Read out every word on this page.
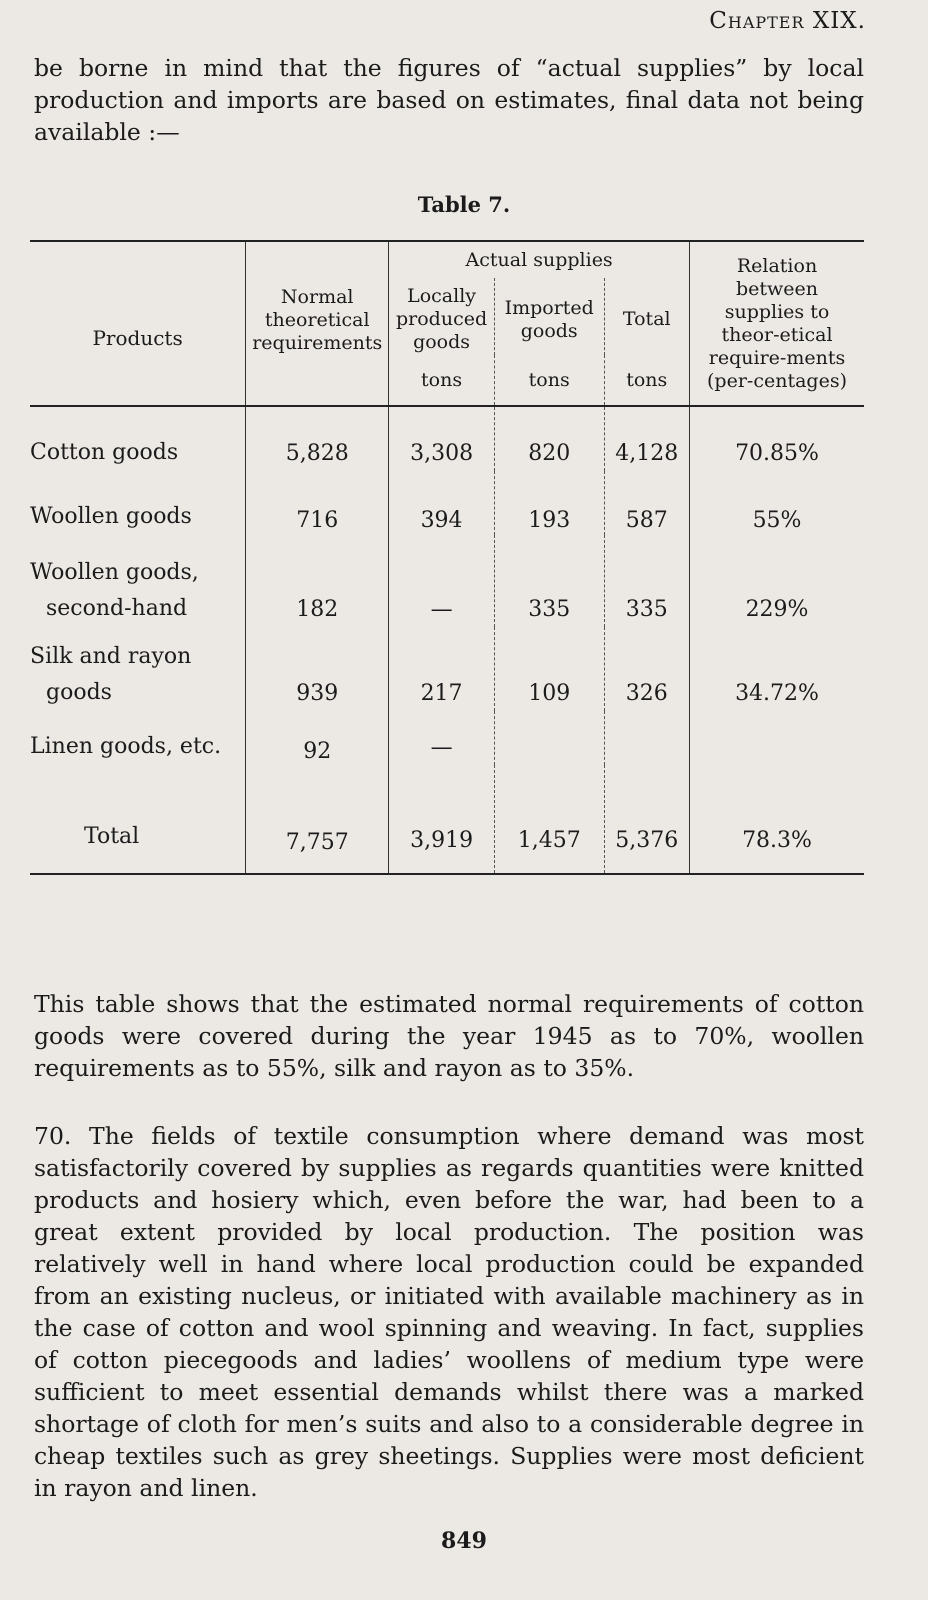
Chapter XIX.
be borne in mind that the figures of “actual supplies” by local production and imports are based on estimates, final data not being available :—
Table 7.
Products	Normal theoretical requirements	Actual supplies			Relation between supplies to theor-etical require-ments (per-centages)
		Locally produced goods	Imported goods	Total	
		tons	tons	tons	
Cotton goods	5,828	3,308	820	4,128	70.85%
Woollen goods	716	394	193	587	55%

Woollen goods,
second-hand	182	—	335	335	229%

Silk and rayon
goods	939	217	109	326	34.72%
Linen goods, etc.	92	—			
Total	7,757	3,919	1,457	5,376	78.3%
This table shows that the estimated normal requirements of cotton goods were covered during the year 1945 as to 70%, woollen requirements as to 55%, silk and rayon as to 35%.
70. The fields of textile consumption where demand was most satisfactorily covered by supplies as regards quantities were knitted products and hosiery which, even before the war, had been to a great extent provided by local production. The position was relatively well in hand where local production could be expanded from an existing nucleus, or initiated with available machinery as in the case of cotton and wool spinning and weaving. In fact, supplies of cotton piecegoods and ladies’ woollens of medium type were sufficient to meet essential demands whilst there was a marked shortage of cloth for men’s suits and also to a considerable degree in cheap textiles such as grey sheetings. Supplies were most deficient in rayon and linen.
849
